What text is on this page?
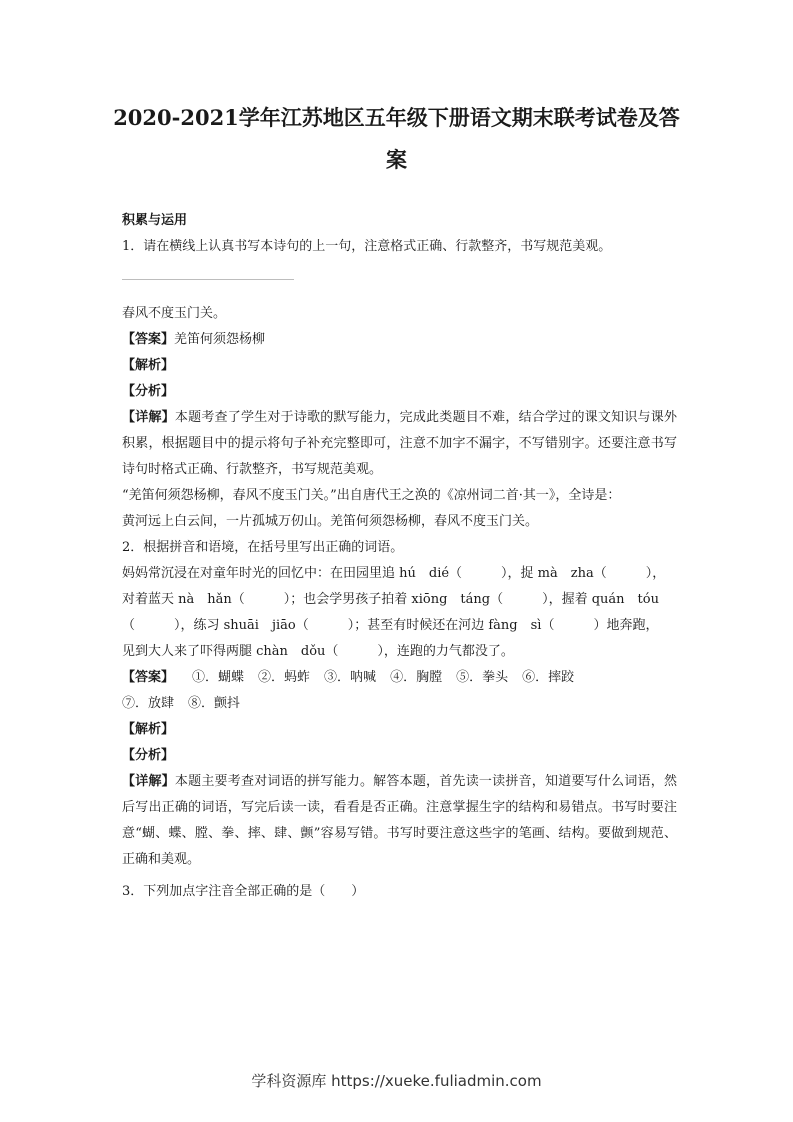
2020-2021学年江苏地区五年级下册语文期末联考试卷及答
案

积累与运用

1．请在横线上认真书写本诗句的上一句，注意格式正确、行款整齐，书写规范美观。

春风不度玉门关。

【答案】羌笛何须怨杨柳

【解析】

【分析】

【详解】本题考查了学生对于诗歌的默写能力，完成此类题目不难，结合学过的课文知识与课外积累，根据题目中的提示将句子补充完整即可，注意不加字不漏字，不写错别字。还要注意书写诗句时格式正确、行款整齐，书写规范美观。

“羌笛何须怨杨柳，春风不度玉门关。”出自唐代王之涣的《凉州词二首·其一》，全诗是：

黄河远上白云间，一片孤城万仞山。羌笛何须怨杨柳，春风不度玉门关。

2．根据拼音和语境，在括号里写出正确的词语。

妈妈常沉浸在对童年时光的回忆中：在田园里追 hú　dié（　　　），捉 mà　zha（　　　），

对着蓝天 nà　hǎn（　　　）；也会学男孩子拍着 xiōng　táng（　　　），握着 quán　tóu

（　　　），练习 shuāi　jiāo（　　　）；甚至有时候还在河边 fàng　sì（　　　）地奔跑，

见到大人来了吓得两腿 chàn　dǒu（　　　），连跑的力气都没了。

【答案】 ①．蝴蝶 ②．蚂蚱 ③．呐喊 ④．胸膛 ⑤．拳头 ⑥．摔跤

⑦．放肆 ⑧．颤抖

【解析】

【分析】

【详解】本题主要考查对词语的拼写能力。解答本题，首先读一读拼音，知道要写什么词语，然后写出正确的词语，写完后读一读，看看是否正确。注意掌握生字的结构和易错点。书写时要注意“蝴、蝶、膛、拳、摔、肆、颤”容易写错。书写时要注意这些字的笔画、结构。要做到规范、正确和美观。

3．下列加点字注音全部正确的是（　　）

学科资源库 https://xueke.fuliadmin.com
